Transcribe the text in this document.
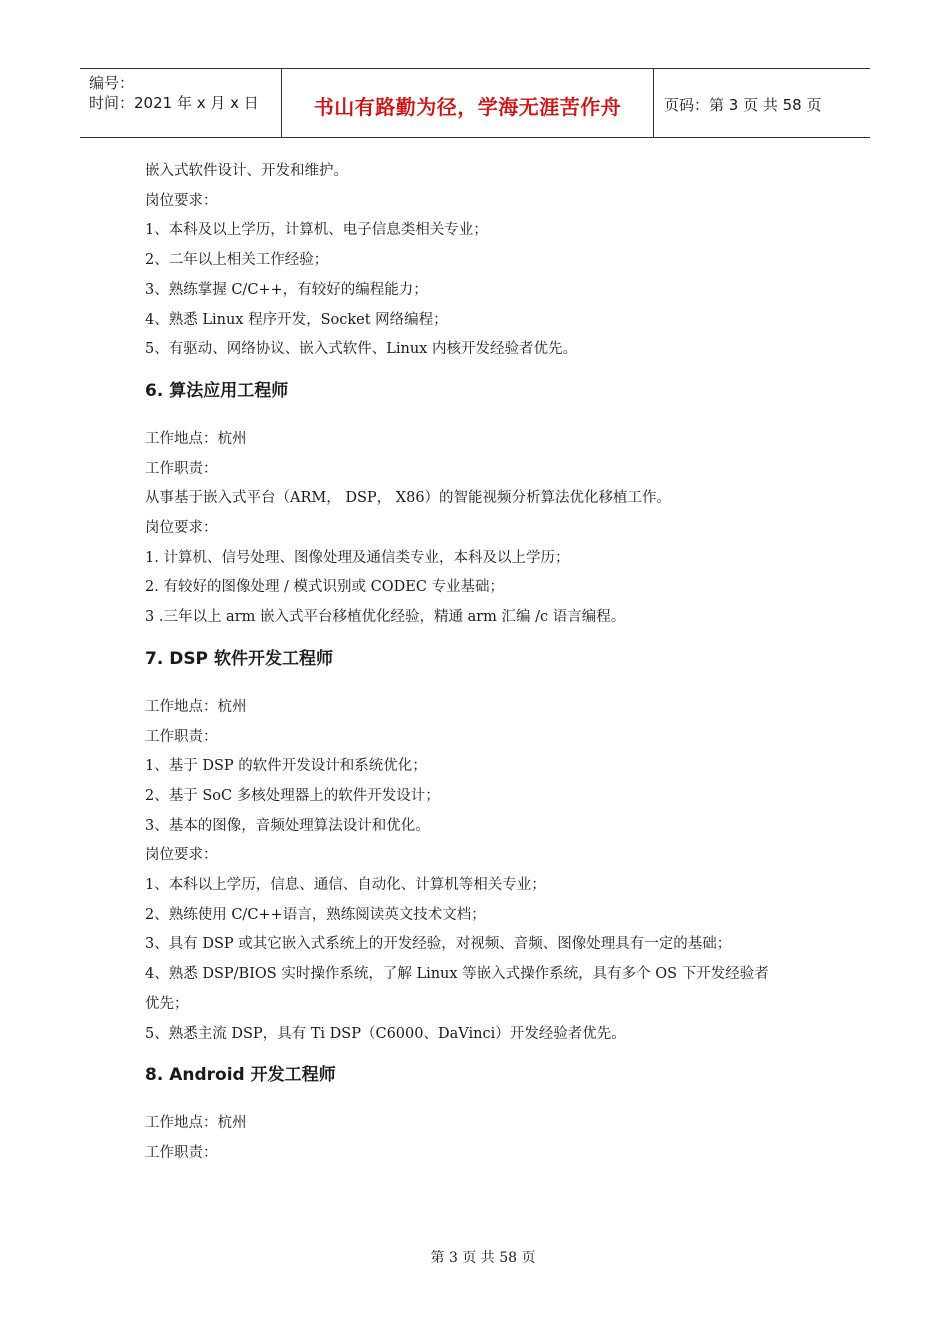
编号：
时间：2021 年 x 月 x 日	书山有路勤为径，学海无涯苦作舟	页码：第 3 页 共 58 页
嵌入式软件设计、开发和维护。
岗位要求：
1、本科及以上学历，计算机、电子信息类相关专业；
2、二年以上相关工作经验；
3、熟练掌握 C/C++，有较好的编程能力；
4、熟悉 Linux 程序开发，Socket 网络编程；
5、有驱动、网络协议、嵌入式软件、Linux 内核开发经验者优先。
6. 算法应用工程师
工作地点：杭州
工作职责：
从事基于嵌入式平台（ARM， DSP， X86）的智能视频分析算法优化移植工作。
岗位要求：
1. 计算机、信号处理、图像处理及通信类专业，本科及以上学历；
2. 有较好的图像处理 / 模式识别或 CODEC 专业基础；
3 .三年以上 arm 嵌入式平台移植优化经验，精通 arm 汇编 /c 语言编程。
7. DSP 软件开发工程师
工作地点：杭州
工作职责：
1、基于 DSP 的软件开发设计和系统优化；
2、基于 SoC 多核处理器上的软件开发设计；
3、基本的图像，音频处理算法设计和优化。
岗位要求：
1、本科以上学历，信息、通信、自动化、计算机等相关专业；
2、熟练使用 C/C++语言，熟练阅读英文技术文档；
3、具有 DSP 或其它嵌入式系统上的开发经验，对视频、音频、图像处理具有一定的基础；
4、熟悉 DSP/BIOS 实时操作系统，了解 Linux 等嵌入式操作系统，具有多个 OS 下开发经验者
优先；
5、熟悉主流 DSP，具有 Ti DSP（C6000、DaVinci）开发经验者优先。
8. Android 开发工程师
工作地点：杭州
工作职责：
第 3 页 共 58 页
